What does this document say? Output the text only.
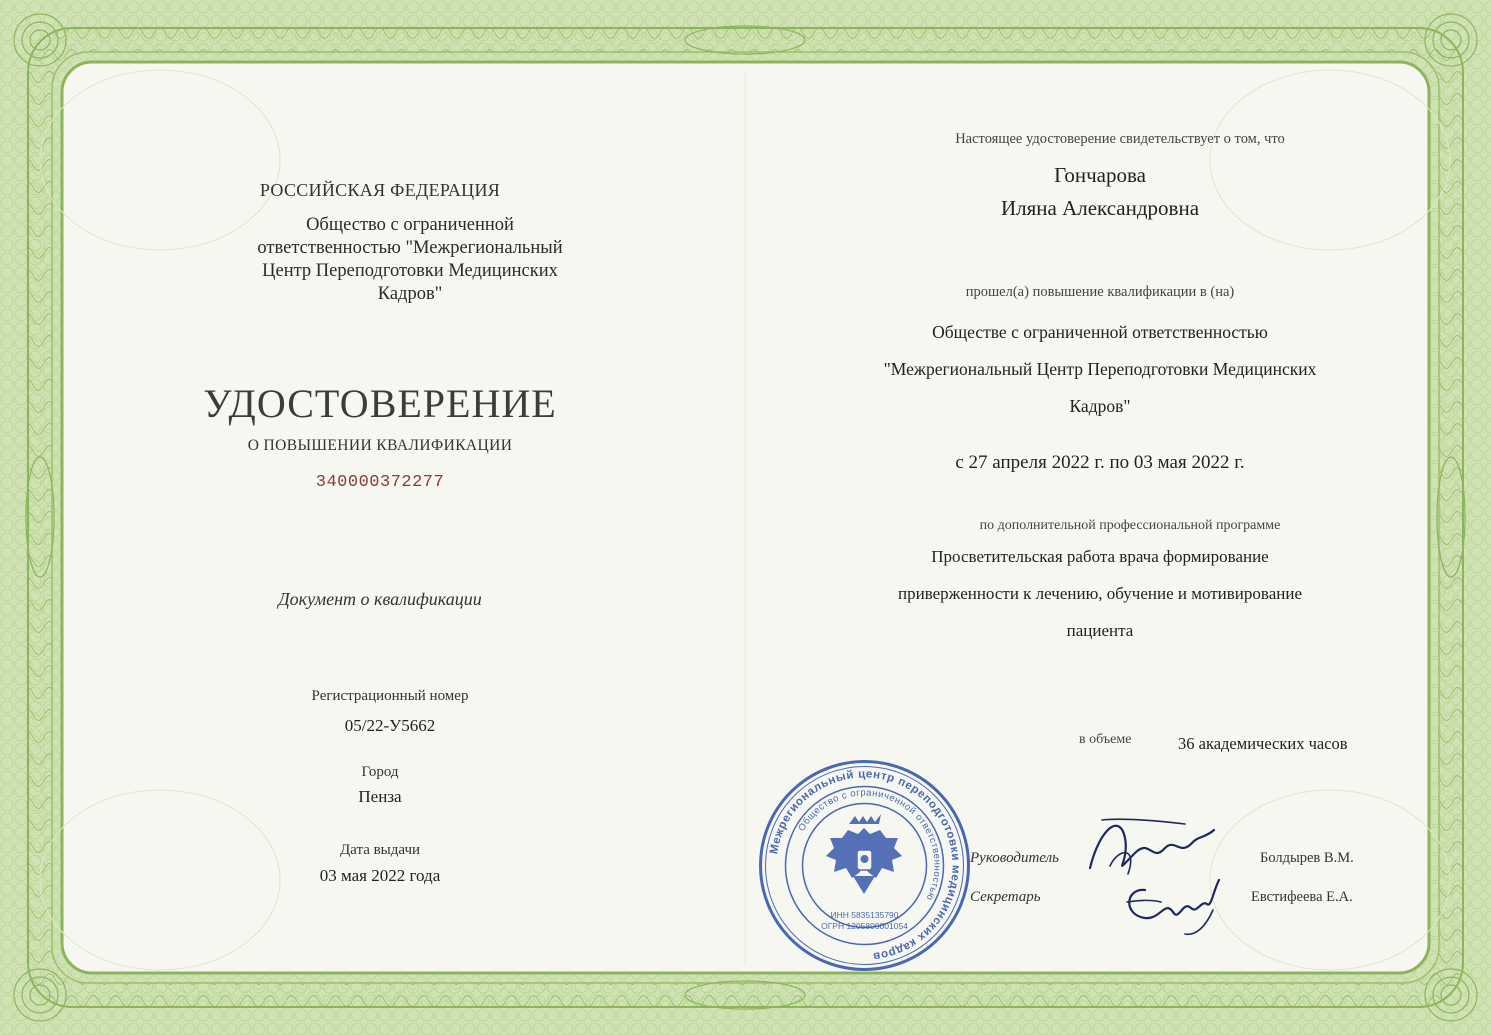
РОССИЙСКАЯ ФЕДЕРАЦИЯ
Общество с ограниченной
ответственностью "Межрегиональный
Центр Переподготовки Медицинских
Кадров"
УДОСТОВЕРЕНИЕ
О ПОВЫШЕНИИ КВАЛИФИКАЦИИ
340000372277
Документ о квалификации
Регистрационный номер
05/22-У5662
Город
Пенза
Дата выдачи
03 мая 2022 года
Настоящее удостоверение свидетельствует о том, что
Гончарова
Иляна Александровна
прошел(а) повышение квалификации в (на)
Обществе с ограниченной ответственностью
"Межрегиональный Центр Переподготовки Медицинских
Кадров"
с 27 апреля 2022 г. по 03 мая 2022 г.
по дополнительной профессиональной программе
Просветительская работа врача формирование
приверженности к лечению, обучение и мотивирование
пациента
в объеме	36 академических часов
Руководитель	Болдырев В.М.
Секретарь	Евстифеева Е.А.
Межрегиональный центр переподготовки медицинских кадров
Общество с ограниченной ответственностью
ИНН 5835135790
ОГРН 1205800001054
